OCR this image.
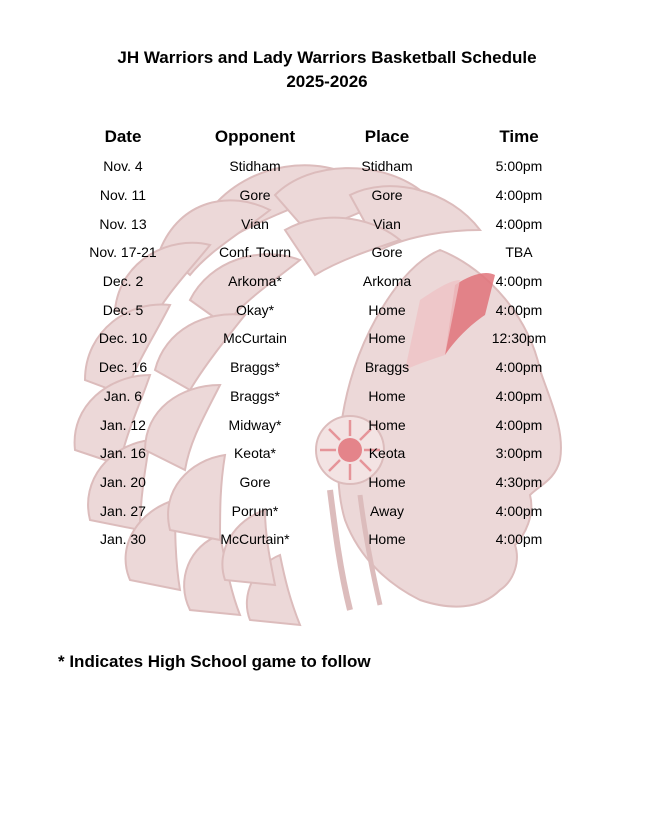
JH Warriors and Lady Warriors Basketball Schedule
2025-2026
Date	Opponent	Place	Time
Nov. 4	Stidham	Stidham	5:00pm
Nov. 11	Gore	Gore	4:00pm
Nov. 13	Vian	Vian	4:00pm
Nov. 17-21	Conf. Tourn	Gore	TBA
Dec. 2	Arkoma*	Arkoma	4:00pm
Dec. 5	Okay*	Home	4:00pm
Dec. 10	McCurtain	Home	12:30pm
Dec. 16	Braggs*	Braggs	4:00pm
Jan. 6	Braggs*	Home	4:00pm
Jan. 12	Midway*	Home	4:00pm
Jan. 16	Keota*	Keota	3:00pm
Jan. 20	Gore	Home	4:30pm
Jan. 27	Porum*	Away	4:00pm
Jan. 30	McCurtain*	Home	4:00pm
* Indicates High School game to follow
